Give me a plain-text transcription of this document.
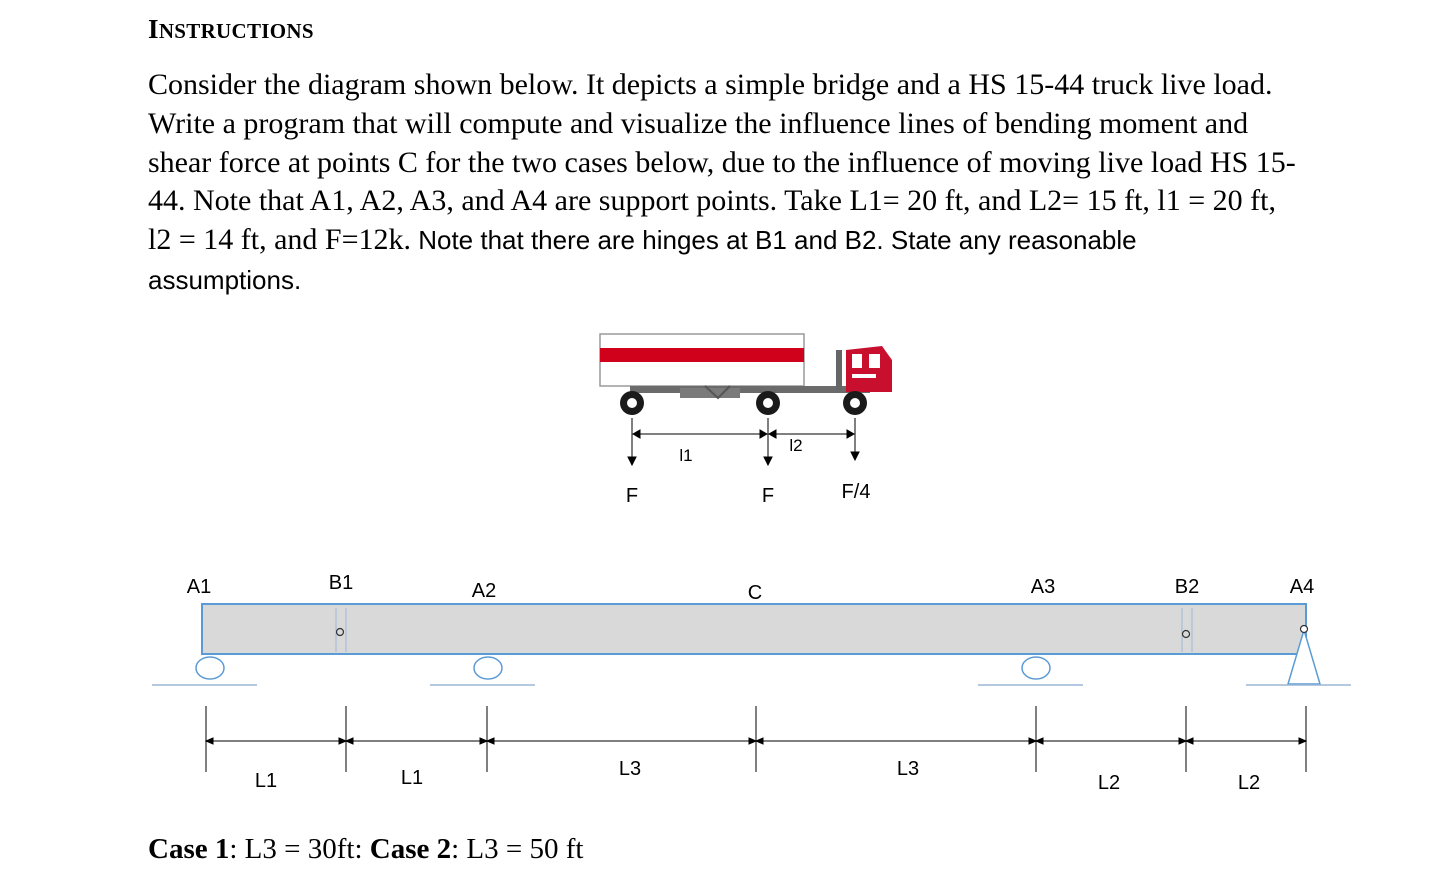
INSTRUCTIONS
Consider the diagram shown below. It depicts a simple bridge and a HS 15-44 truck live load.
Write a program that will compute and visualize the influence lines of bending moment and
shear force at points C for the two cases below, due to the influence of moving live load HS 15-
44. Note that A1, A2, A3, and A4 are support points. Take L1= 20 ft, and L2= 15 ft, l1 = 20 ft,
l2 = 14 ft, and F=12k. Note that there are hinges at B1 and B2. State any reasonable
assumptions.
l1
l2
F	F	F/4
A1	B1	A2	C	A3	B2	A4
L1	L1	L3	L3
L2	L2
Case 1: L3 = 30ft: Case 2: L3 = 50 ft
